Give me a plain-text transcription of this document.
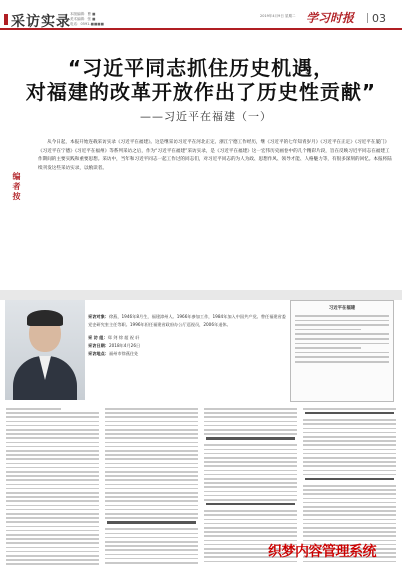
采访实录 本版编辑：曹 ■
美术编辑：张 ■
电话：0591-■■■■
2019年4月9日 星期二 学习时报 03
“习近平同志抓住历史机遇，
对福建的改革开放作出了历史性贡献”
——习近平在福建（一）
编者按

从今日起，本报开始连载采访实录《习近平在福建》。这是继采访习近平在河北正定、浙江宁德工作经历，继《习近平的七年知青岁月》《习近平在正定》《习近平在厦门》《习近平在宁德》《习近平在福州》等系列采访之后，作为“习近平在福建”采访实录，是《习近平在福建》这一宏伟历史画卷中的几个精彩片段，旨在反映习近平同志在福建工作期间的主要实践和重要思想。采访中，当年和习近平同志一起工作过的同志们，对习近平同志的为人为政、思想作风、领导才能、人格魅力等，有很多深刻的回忆。本报将陆续刊发这些采访实录，以飨读者。

采访对象：徐燕，1946年8月生，福建漳州人。1966年参加工作，1984年加入中国共产党。曾任福建省委党史研究室主任等职。1996年担任福建省政府办公厅巡视员，2006年退休。

采 访 组：郑 剑 徐 超 祝 轩

采访日期：2018年4月26日

采访地点：福州市徐燕住处

习近平在福建
织梦内容管理系统
